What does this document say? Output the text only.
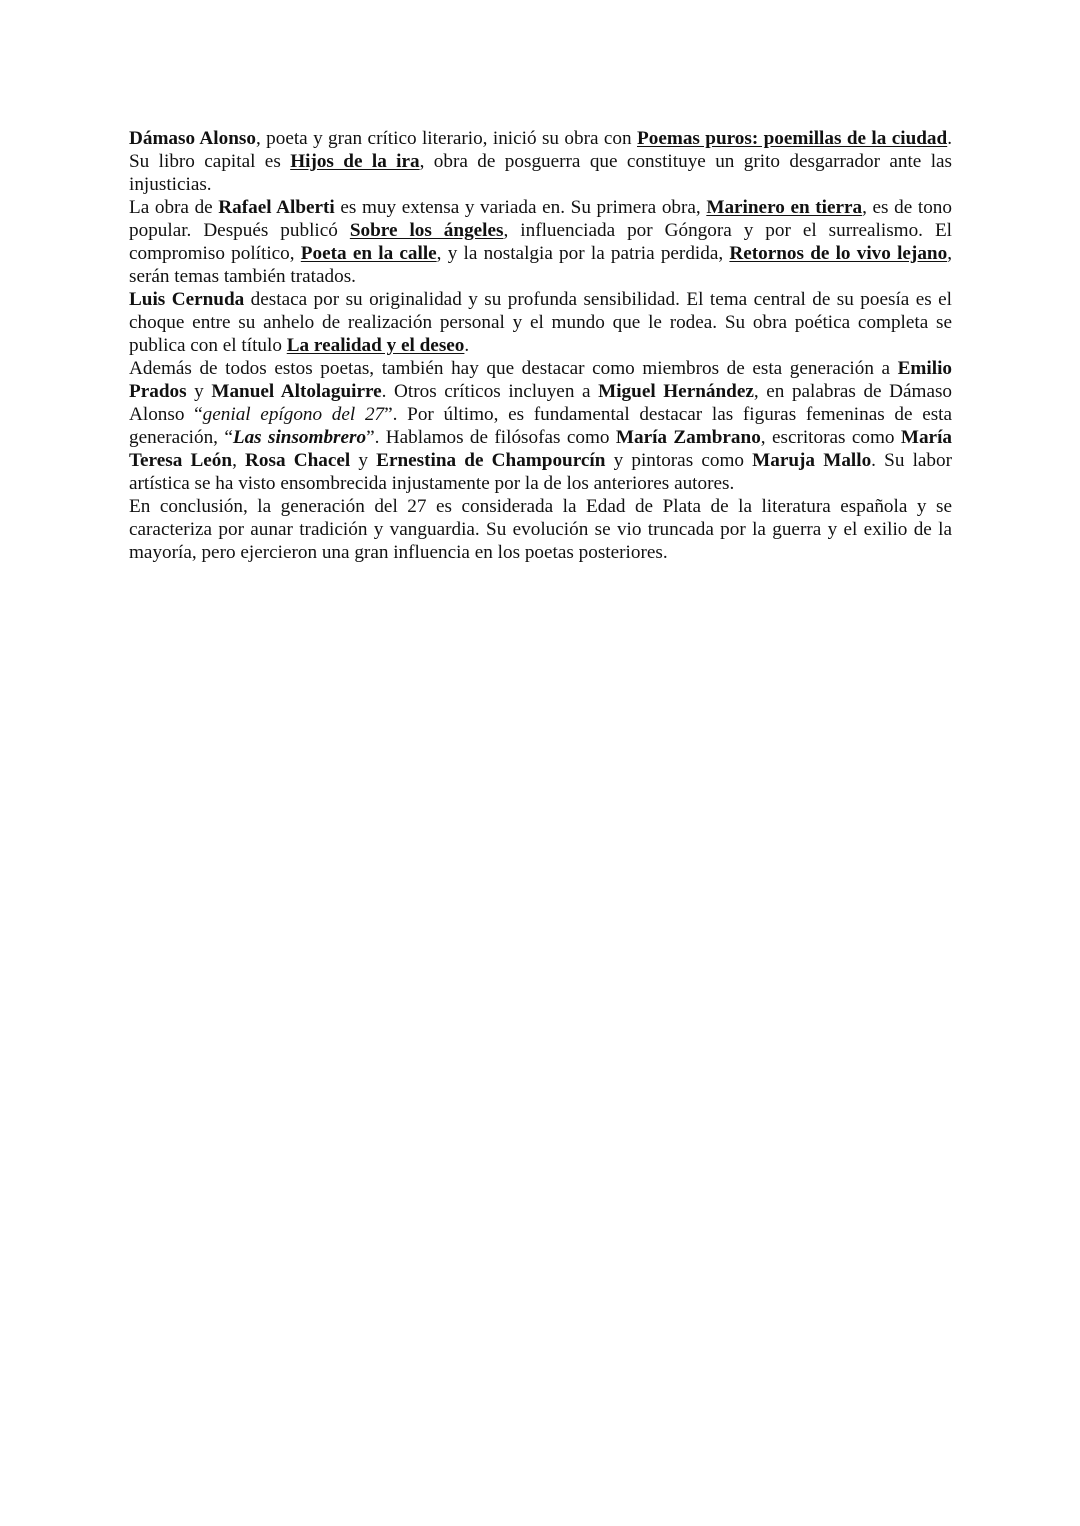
Dámaso Alonso, poeta y gran crítico literario, inició su obra con Poemas puros: poemillas de la ciudad. Su libro capital es Hijos de la ira, obra de posguerra que constituye un grito desgarrador ante las injusticias.

La obra de Rafael Alberti es muy extensa y variada en. Su primera obra, Marinero en tierra, es de tono popular. Después publicó Sobre los ángeles, influenciada por Góngora y por el surrealismo. El compromiso político, Poeta en la calle, y la nostalgia por la patria perdida, Retornos de lo vivo lejano, serán temas también tratados.

Luis Cernuda destaca por su originalidad y su profunda sensibilidad. El tema central de su poesía es el choque entre su anhelo de realización personal y el mundo que le rodea. Su obra poética completa se publica con el título La realidad y el deseo.

Además de todos estos poetas, también hay que destacar como miembros de esta generación a Emilio Prados y Manuel Altolaguirre. Otros críticos incluyen a Miguel Hernández, en palabras de Dámaso Alonso “genial epígono del 27”. Por último, es fundamental destacar las figuras femeninas de esta generación, “Las sinsombrero”. Hablamos de filósofas como María Zambrano, escritoras como María Teresa León, Rosa Chacel y Ernestina de Champourcín y pintoras como Maruja Mallo. Su labor artística se ha visto ensombrecida injustamente por la de los anteriores autores.

En conclusión, la generación del 27 es considerada la Edad de Plata de la literatura española y se caracteriza por aunar tradición y vanguardia. Su evolución se vio truncada por la guerra y el exilio de la mayoría, pero ejercieron una gran influencia en los poetas posteriores.
